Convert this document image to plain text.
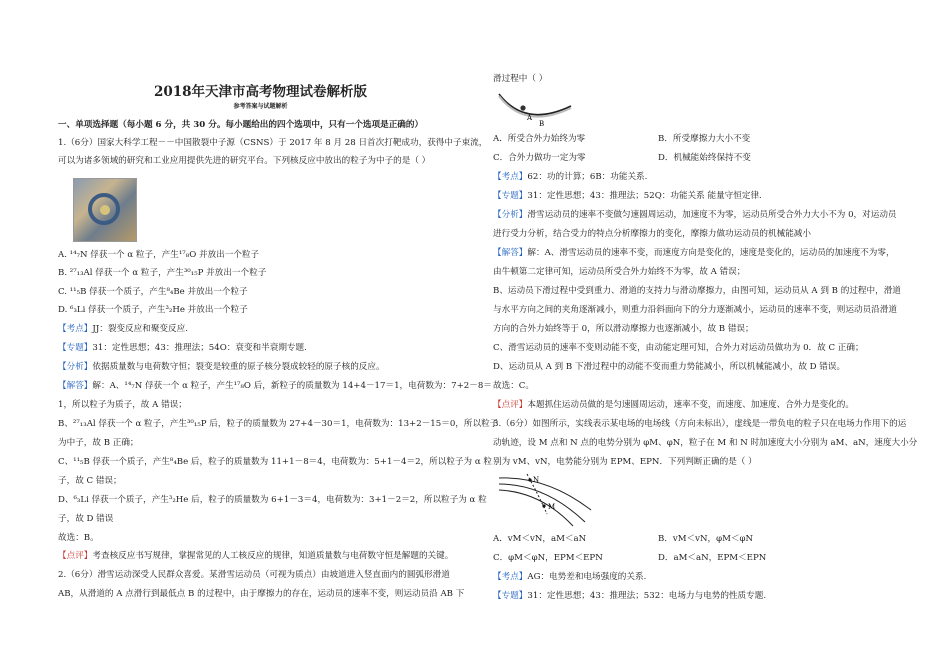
2018年天津市高考物理试卷解析版
参考答案与试题解析
一、单项选择题（每小题 6 分，共 30 分。每小题给出的四个选项中，只有一个选项是正确的）
1.（6分）国家大科学工程－－中国散裂中子源（CSNS）于 2017 年 8 月 28 日首次打靶成功，获得中子束流，
可以为诸多领域的研究和工业应用提供先进的研究平台。下列核反应中放出的粒子为中子的是（ ）
A. ¹⁴₇N 俘获一个 α 粒子，产生¹⁷₈O 并放出一个粒子
B. ²⁷₁₃Al 俘获一个 α 粒子，产生³⁰₁₅P 并放出一个粒子
C. ¹¹₅B 俘获一个质子，产生⁸₄Be 并放出一个粒子
D. ⁶₃Li 俘获一个质子，产生³₂He 并放出一个粒子
【考点】JJ：裂变反应和聚变反应.
【专题】31：定性思想；43：推理法；54O：衰变和半衰期专题.
【分析】依据质量数与电荷数守恒；裂变是较重的原子核分裂成较轻的原子核的反应。
【解答】解：A、¹⁴₇N 俘获一个 α 粒子，产生¹⁷₈O 后，新粒子的质量数为 14+4－17＝1，电荷数为：7+2－8＝
1，所以粒子为质子，故 A 错误；
B、²⁷₁₃Al 俘获一个 α 粒子，产生³⁰₁₅P 后，粒子的质量数为 27+4－30＝1，电荷数为：13+2－15＝0，所以粒子
为中子，故 B 正确；
C、¹¹₅B 俘获一个质子，产生⁸₄Be 后，粒子的质量数为 11+1－8＝4，电荷数为：5+1－4＝2，所以粒子为 α 粒
子，故 C 错误；
D、⁶₃Li 俘获一个质子，产生³₂He 后，粒子的质量数为 6+1－3＝4，电荷数为：3+1－2＝2，所以粒子为 α 粒
子，故 D 错误
故选：B。
【点评】考查核反应书写规律，掌握常见的人工核反应的规律，知道质量数与电荷数守恒是解题的关键。
2.（6分）滑雪运动深受人民群众喜爱。某滑雪运动员（可视为质点）由坡道进入竖直面内的圆弧形滑道
AB，从滑道的 A 点滑行到最低点 B 的过程中，由于摩擦力的存在，运动员的速率不变，则运动员沿 AB 下
滑过程中（ ）
A
B
A．所受合外力始终为零	B．所受摩擦力大小不变
C．合外力做功一定为零	D．机械能始终保持不变
【考点】62：功的计算；6B：功能关系.
【专题】31：定性思想；43：推理法；52Q：功能关系 能量守恒定律.
【分析】滑雪运动员的速率不变做匀速圆周运动，加速度不为零，运动员所受合外力大小不为 0，对运动员
进行受力分析，结合受力的特点分析摩擦力的变化，摩擦力做功运动员的机械能减小
【解答】解：A、滑雪运动员的速率不变，而速度方向是变化的，速度是变化的，运动员的加速度不为零，
由牛顿第二定律可知，运动员所受合外力始终不为零，故 A 错误；
B、运动员下滑过程中受到重力、滑道的支持力与滑动摩擦力，由图可知，运动员从 A 到 B 的过程中，滑道
与水平方向之间的夹角逐渐减小，则重力沿斜面向下的分力逐渐减小，运动员的速率不变，则运动员沿滑道
方向的合外力始终等于 0，所以滑动摩擦力也逐渐减小，故 B 错误；
C、滑雪运动员的速率不变则动能不变，由动能定理可知，合外力对运动员做功为 0．故 C 正确；
D、运动员从 A 到 B 下滑过程中的动能不变而重力势能减小，所以机械能减小，故 D 错误。
故选：C。
【点评】本题抓住运动员做的是匀速圆周运动，速率不变，而速度、加速度、合外力是变化的。
3.（6分）如图所示，实线表示某电场的电场线（方向未标出），虚线是一带负电的粒子只在电场力作用下的运
动轨迹，设 M 点和 N 点的电势分别为 φM、φN，粒子在 M 和 N 时加速度大小分别为 aM、aN，速度大小分
别为 vM、vN，电势能分别为 EPM、EPN．下列判断正确的是（ ）
N
M
A．vM＜vN，aM＜aN	B．vM＜vN，φM＜φN
C．φM＜φN，EPM＜EPN	D．aM＜aN，EPM＜EPN
【考点】AG：电势差和电场强度的关系.
【专题】31：定性思想；43：推理法；532：电场力与电势的性质专题.
